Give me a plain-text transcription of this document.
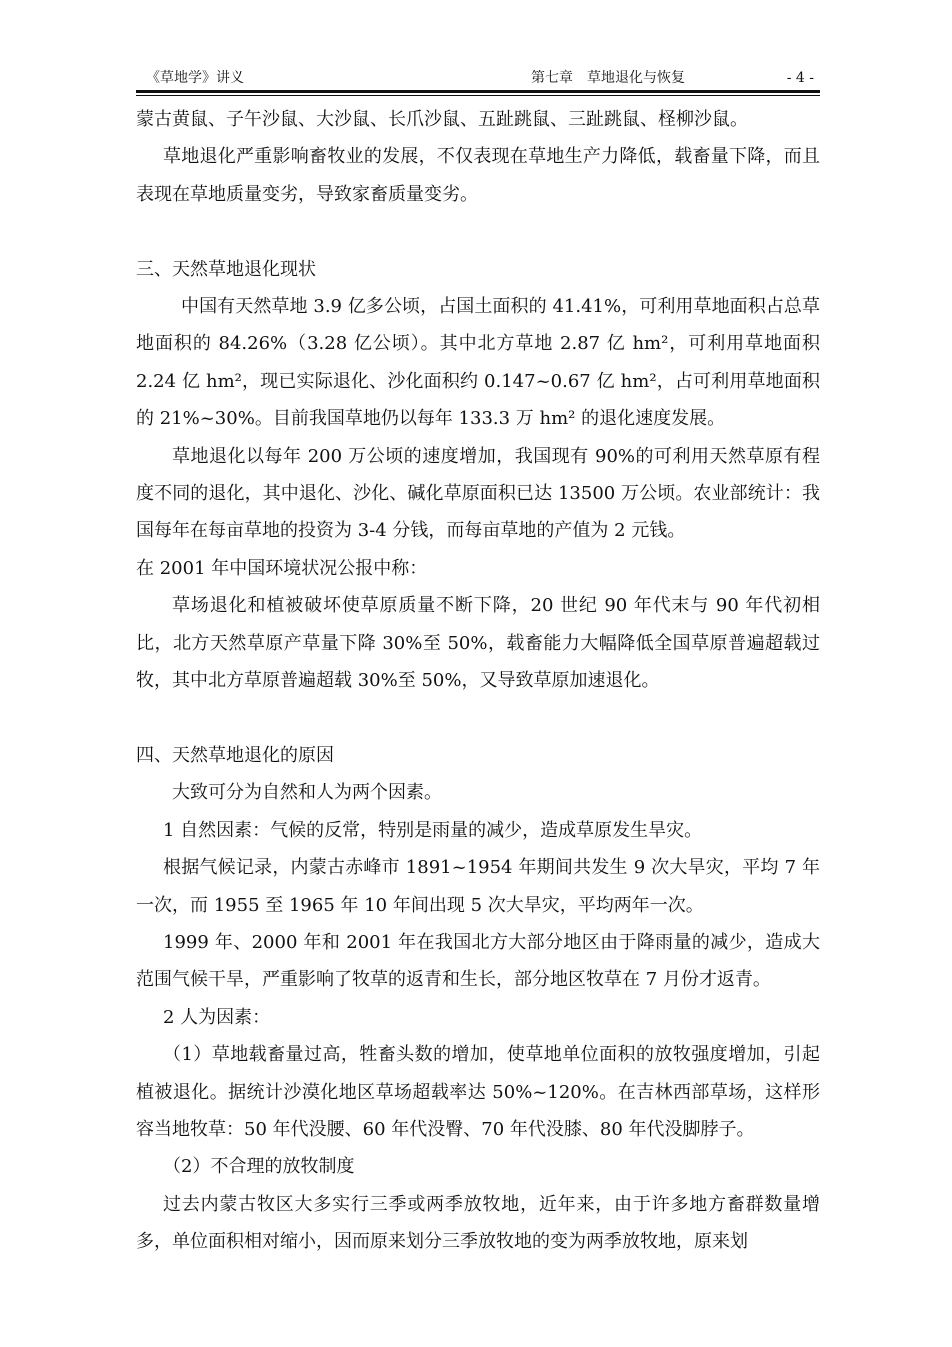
《草地学》讲义	第七章　草地退化与恢复	- 4 -

蒙古黄鼠、子午沙鼠、大沙鼠、长爪沙鼠、五趾跳鼠、三趾跳鼠、柽柳沙鼠。

草地退化严重影响畜牧业的发展，不仅表现在草地生产力降低，载畜量下降，而且表现在草地质量变劣，导致家畜质量变劣。

三、天然草地退化现状

中国有天然草地 3.9 亿多公顷，占国土面积的 41.41%，可利用草地面积占总草地面积的 84.26%（3.28 亿公顷）。其中北方草地 2.87 亿 hm²，可利用草地面积 2.24 亿 hm²，现已实际退化、沙化面积约 0.147~0.67 亿 hm²，占可利用草地面积的 21%~30%。目前我国草地仍以每年 133.3 万 hm² 的退化速度发展。

草地退化以每年 200 万公顷的速度增加，我国现有 90%的可利用天然草原有程度不同的退化，其中退化、沙化、碱化草原面积已达 13500 万公顷。农业部统计：我国每年在每亩草地的投资为 3-4 分钱，而每亩草地的产值为 2 元钱。

在 2001 年中国环境状况公报中称：

草场退化和植被破坏使草原质量不断下降，20 世纪 90 年代末与 90 年代初相比，北方天然草原产草量下降 30%至 50%，载畜能力大幅降低全国草原普遍超载过牧，其中北方草原普遍超载 30%至 50%，又导致草原加速退化。

四、天然草地退化的原因

大致可分为自然和人为两个因素。

1 自然因素：气候的反常，特别是雨量的减少，造成草原发生旱灾。

根据气候记录，内蒙古赤峰市 1891~1954 年期间共发生 9 次大旱灾，平均 7 年一次，而 1955 至 1965 年 10 年间出现 5 次大旱灾，平均两年一次。

1999 年、2000 年和 2001 年在我国北方大部分地区由于降雨量的减少，造成大范围气候干旱，严重影响了牧草的返青和生长，部分地区牧草在 7 月份才返青。

2 人为因素：

（1）草地载畜量过高，牲畜头数的增加，使草地单位面积的放牧强度增加，引起植被退化。据统计沙漠化地区草场超载率达 50%~120%。在吉林西部草场，这样形容当地牧草：50 年代没腰、60 年代没臀、70 年代没膝、80 年代没脚脖子。

（2）不合理的放牧制度

过去内蒙古牧区大多实行三季或两季放牧地，近年来，由于许多地方畜群数量增多，单位面积相对缩小，因而原来划分三季放牧地的变为两季放牧地，原来划
